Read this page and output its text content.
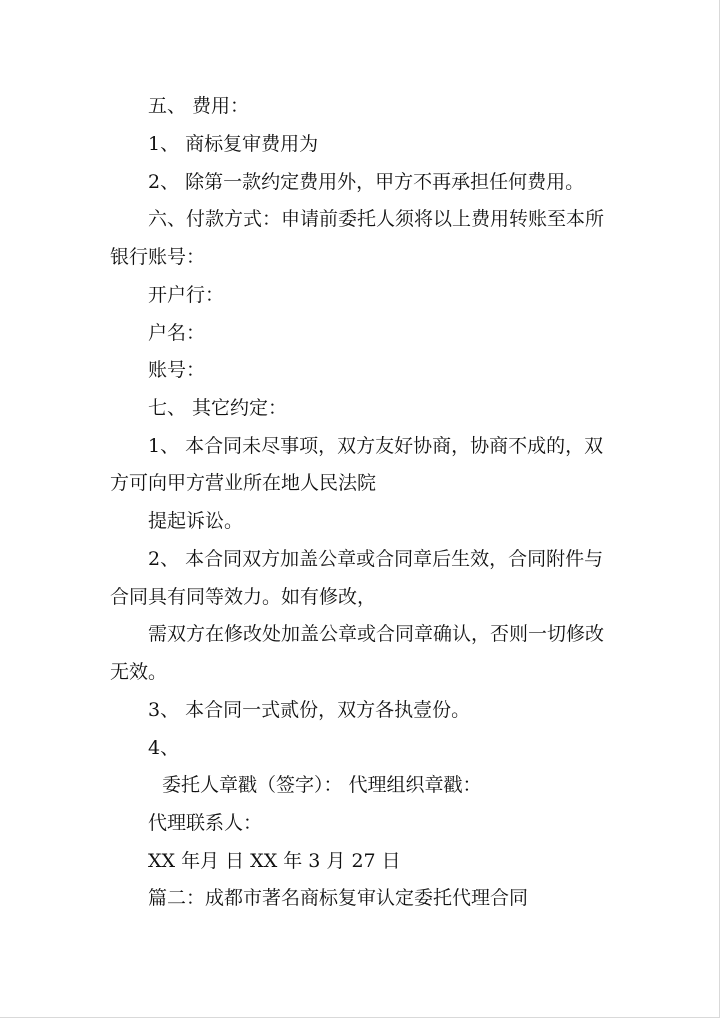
五、 费用：
1、 商标复审费用为
2、 除第一款约定费用外，甲方不再承担任何费用。
六、付款方式：申请前委托人须将以上费用转账至本所
银行账号：
开户行：
户名：
账号：
七、 其它约定：
1、 本合同未尽事项，双方友好协商，协商不成的，双
方可向甲方营业所在地人民法院
提起诉讼。
2、 本合同双方加盖公章或合同章后生效，合同附件与
合同具有同等效力。如有修改，
需双方在修改处加盖公章或合同章确认，否则一切修改
无效。
3、 本合同一式贰份，双方各执壹份。
4、
委托人章戳（签字）： 代理组织章戳：
代理联系人：
XX 年月 日 XX 年 3 月 27 日
篇二：成都市著名商标复审认定委托代理合同
